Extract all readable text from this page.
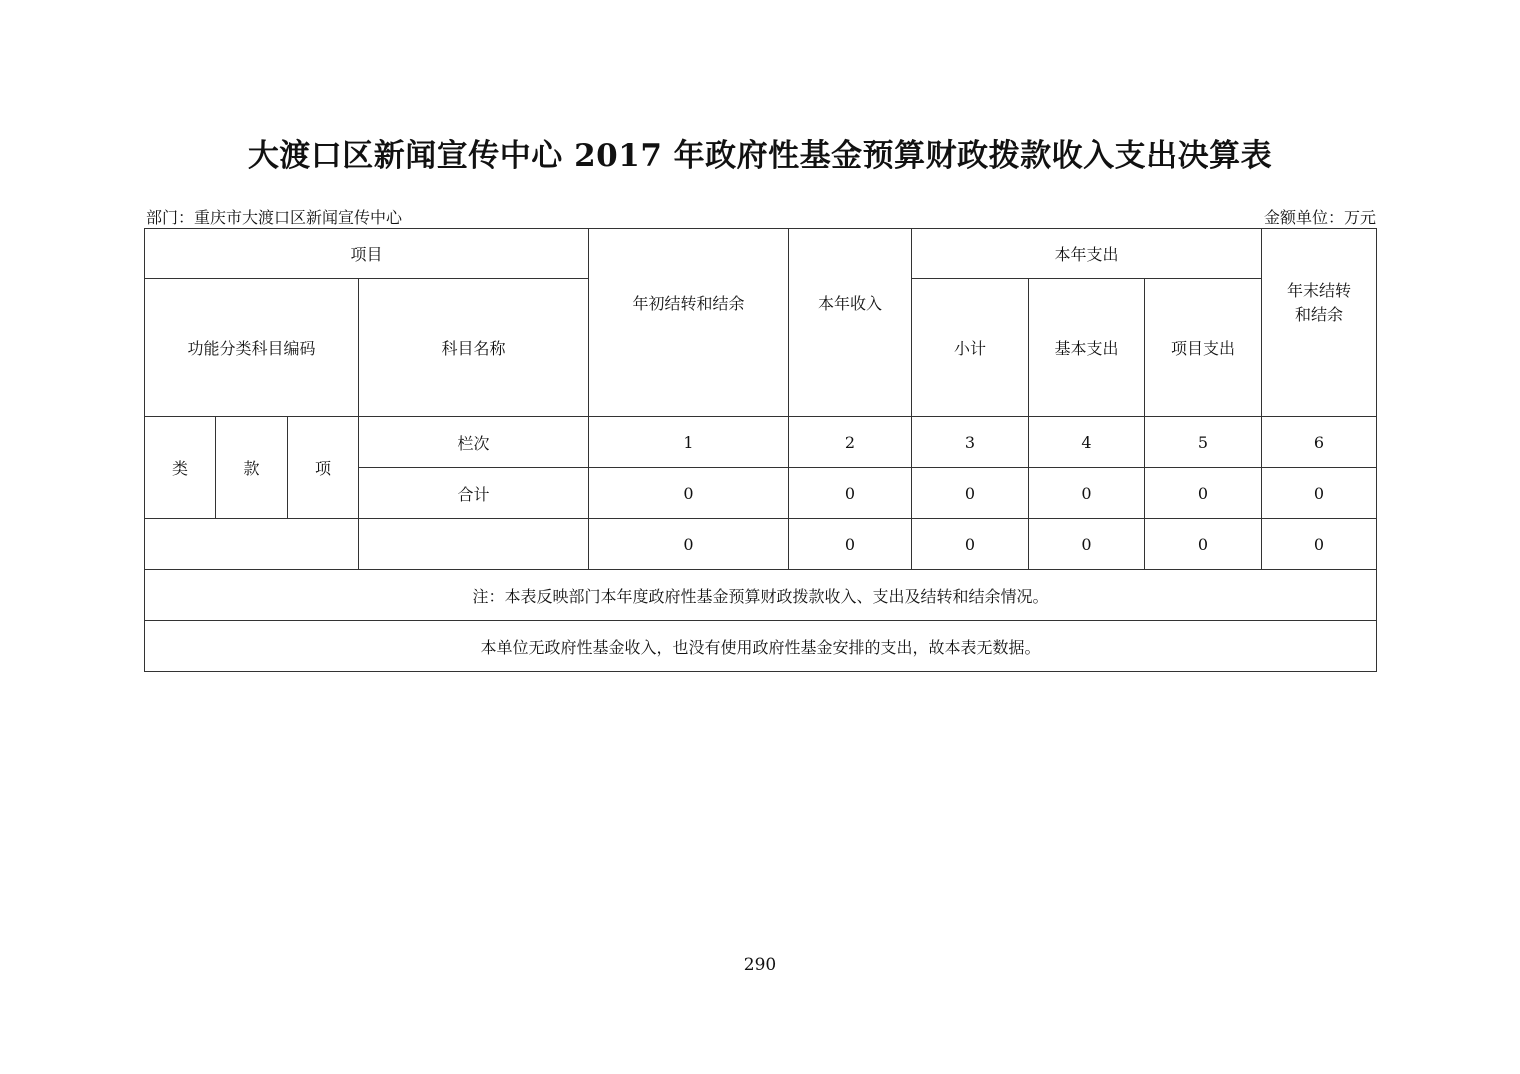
大渡口区新闻宣传中心 2017 年政府性基金预算财政拨款收入支出决算表
部门：重庆市大渡口区新闻宣传中心	金额单位：万元
项目				年初结转和结余	本年收入	本年支出			年末结转和结余
功能分类科目编码			科目名称			小计	基本支出	项目支出	
类	款	项	栏次	1	2	3	4	5	6
			合计	0	0	0	0	0	0
				0	0	0	0	0	0
注：本表反映部门本年度政府性基金预算财政拨款收入、支出及结转和结余情况。									
本单位无政府性基金收入，也没有使用政府性基金安排的支出，故本表无数据。									
290
